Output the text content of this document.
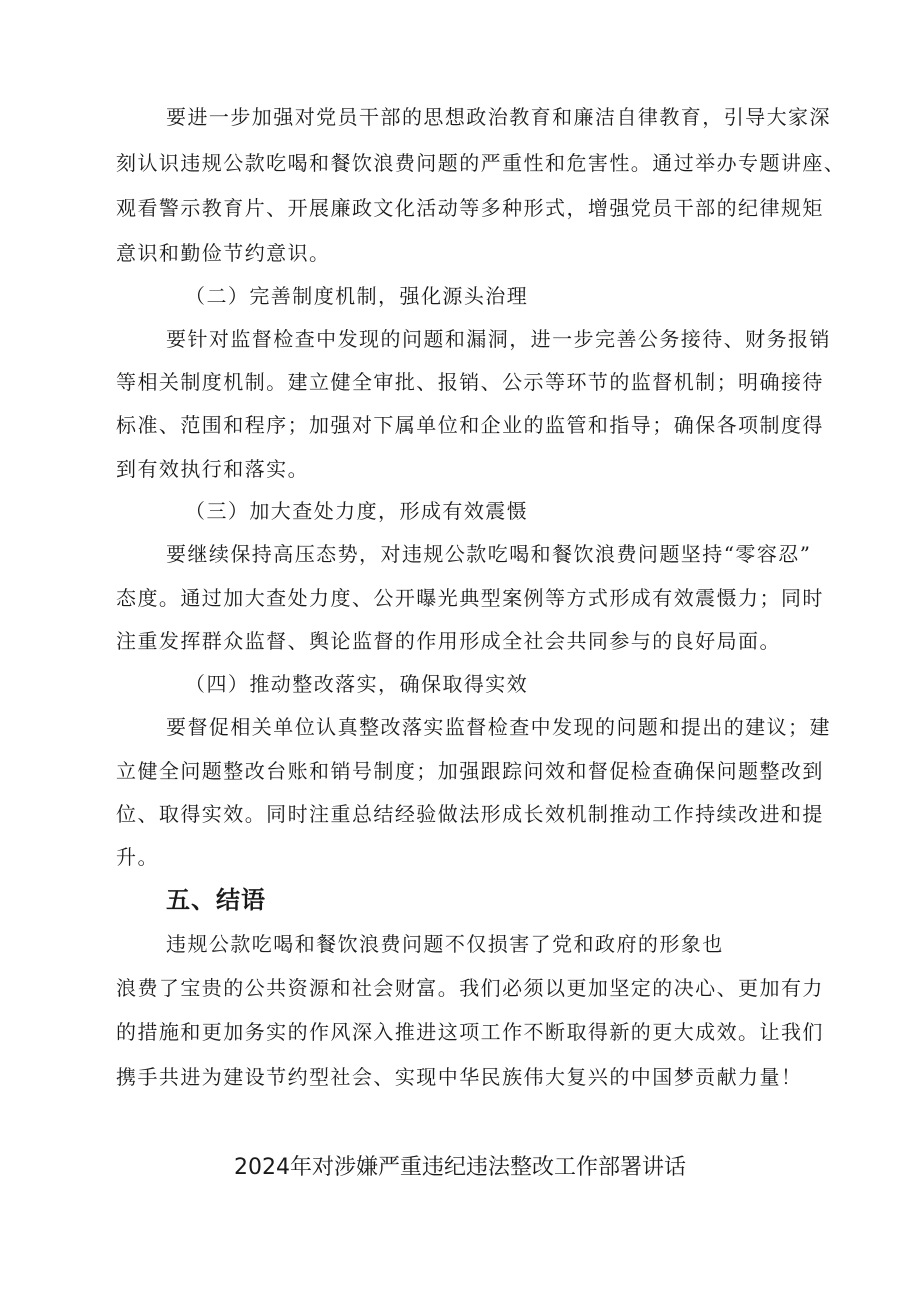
要进一步加强对党员干部的思想政治教育和廉洁自律教育，引导大家深
刻认识违规公款吃喝和餐饮浪费问题的严重性和危害性。通过举办专题讲座、
观看警示教育片、开展廉政文化活动等多种形式，增强党员干部的纪律规矩
意识和勤俭节约意识。
（二）完善制度机制，强化源头治理
要针对监督检查中发现的问题和漏洞，进一步完善公务接待、财务报销
等相关制度机制。建立健全审批、报销、公示等环节的监督机制；明确接待
标准、范围和程序；加强对下属单位和企业的监管和指导；确保各项制度得
到有效执行和落实。
（三）加大查处力度，形成有效震慑
要继续保持高压态势，对违规公款吃喝和餐饮浪费问题坚持“零容忍”
态度。通过加大查处力度、公开曝光典型案例等方式形成有效震慑力；同时
注重发挥群众监督、舆论监督的作用形成全社会共同参与的良好局面。
（四）推动整改落实，确保取得实效
要督促相关单位认真整改落实监督检查中发现的问题和提出的建议；建
立健全问题整改台账和销号制度；加强跟踪问效和督促检查确保问题整改到
位、取得实效。同时注重总结经验做法形成长效机制推动工作持续改进和提
升。
五、结语
违规公款吃喝和餐饮浪费问题不仅损害了党和政府的形象也
浪费了宝贵的公共资源和社会财富。我们必须以更加坚定的决心、更加有力
的措施和更加务实的作风深入推进这项工作不断取得新的更大成效。让我们
携手共进为建设节约型社会、实现中华民族伟大复兴的中国梦贡献力量！
2024年对涉嫌严重违纪违法整改工作部署讲话
